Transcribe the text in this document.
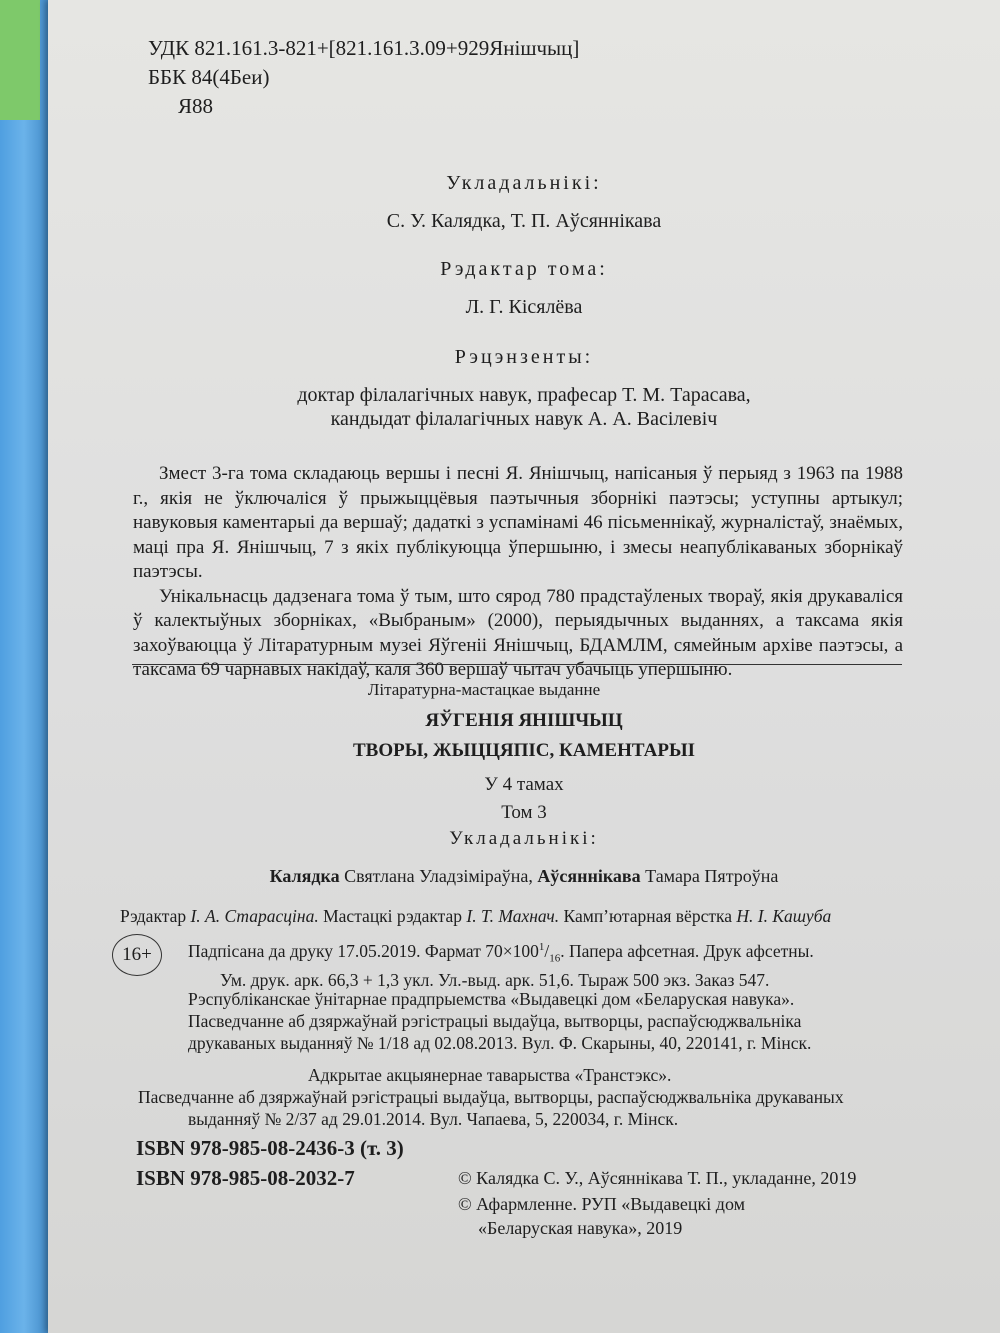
УДК 821.161.3-821+[821.161.3.09+929Янішчыц]
ББК 84(4Беи)
Я88
Укладальнікі:
С. У. Калядка, Т. П. Аўсяннікава
Рэдактар тома:
Л. Г. Кісялёва
Рэцэнзенты:
доктар філалагічных навук, прафесар Т. М. Тарасава,
кандыдат філалагічных навук А. А. Васілевіч

Змест 3-га тома складаюць вершы і песні Я. Янішчыц, напісаныя ў перыяд з 1963 па 1988 г., якія не ўключаліся ў прыжыццёвыя паэтычныя зборнікі паэтэсы; уступны артыкул; навуковыя каментарыі да вершаў; дадаткі з успамінамі 46 пісьменнікаў, журналістаў, знаёмых, маці пра Я. Янішчыц, 7 з якіх публікуюцца ўпершыню, і змесы неапублікаваных зборнікаў паэтэсы.

Унікальнасць дадзенага тома ў тым, што сярод 780 прадстаўленых твораў, якія друкаваліся ў калектыўных зборніках, «Выбраным» (2000), перыядычных выданнях, а таксама якія захоўваюцца ў Літаратурным музеі Яўгеніі Янішчыц, БДАМЛМ, сямейным архіве паэтэсы, а таксама 69 чарнавых накідаў, каля 360 вершаў чытач убачыць упершыню.

Літаратурна-мастацкае выданне
ЯЎГЕНІЯ ЯНІШЧЫЦ
ТВОРЫ, ЖЫЦЦЯПІС, КАМЕНТАРЫІ
У 4 тамах
Том 3
Укладальнікі:
Калядка Святлана Уладзіміраўна, Аўсяннікава Тамара Пятроўна
Рэдактар І. А. Старасціна. Мастацкі рэдактар І. Т. Махнач. Камп’ютарная вёрстка Н. І. Кашуба
16+ Падпісана да друку 17.05.2019. Фармат $70\times 100^1/_{16}$. Папера афсетная. Друк афсетны.
Ум. друк. арк. 66,3 + 1,3 укл. Ул.-выд. арк. 51,6. Тыраж 500 экз. Заказ 547.
Рэспубліканскае ўнітарнае прадпрыемства «Выдавецкі дом «Беларуская навука».
Пасведчанне аб дзяржаўнай рэгістрацыі выдаўца, вытворцы, распаўсюджвальніка
друкаваных выданняў № 1/18 ад 02.08.2013. Вул. Ф. Скарыны, 40, 220141, г. Мінск.
Адкрытае акцыянернае таварыства «Транстэкс».
Пасведчанне аб дзяржаўнай рэгістрацыі выдаўца, вытворцы, распаўсюджвальніка друкаваных
выданняў № 2/37 ад 29.01.2014. Вул. Чапаева, 5, 220034, г. Мінск.
ISBN 978-985-08-2436-3 (т. 3)
ISBN 978-985-08-2032-7	© Калядка С. У., Аўсяннікава Т. П., укладанне, 2019
© Афармленне. РУП «Выдавецкі дом
«Беларуская навука», 2019
